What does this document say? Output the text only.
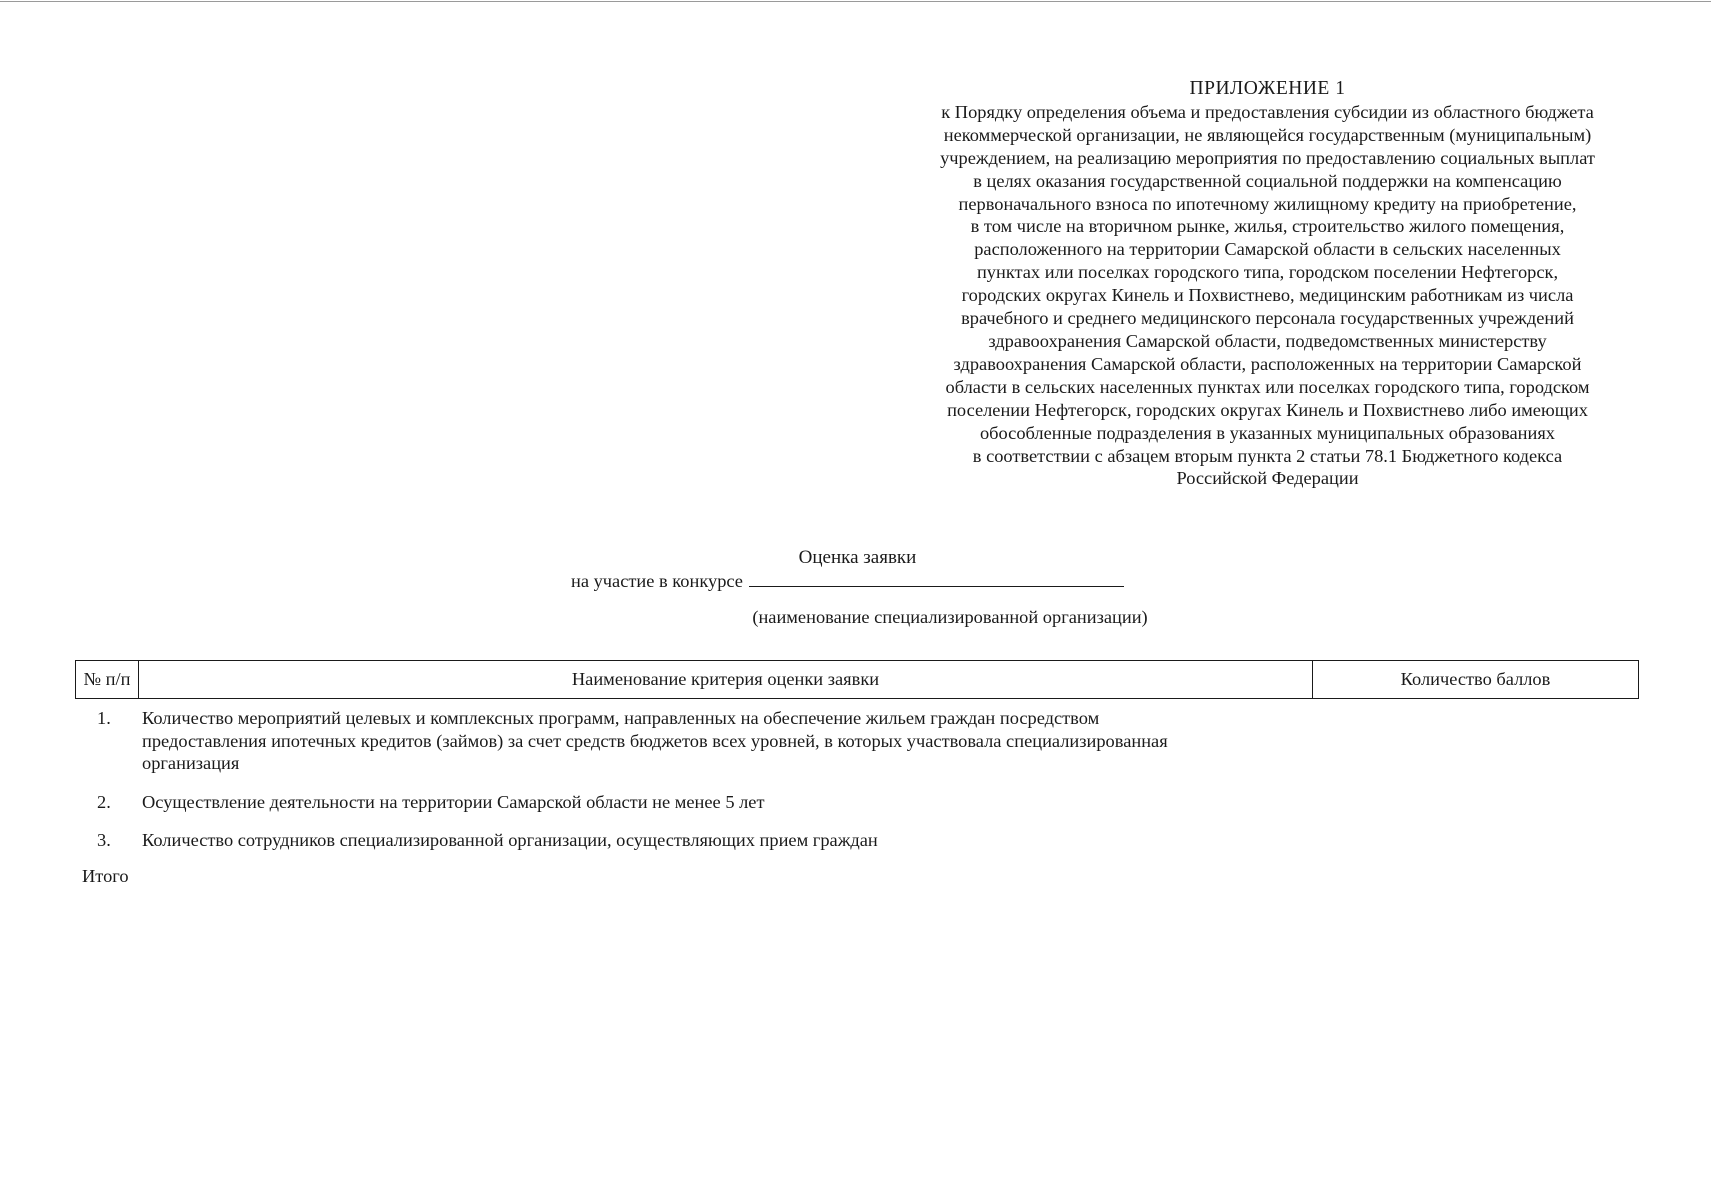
ПРИЛОЖЕНИЕ 1
к Порядку определения объема и предоставления субсидии из областного бюджета
некоммерческой организации, не являющейся государственным (муниципальным)
учреждением, на реализацию мероприятия по предоставлению социальных выплат
в целях оказания государственной социальной поддержки на компенсацию
первоначального взноса по ипотечному жилищному кредиту на приобретение,
в том числе на вторичном рынке, жилья, строительство жилого помещения,
расположенного на территории Самарской области в сельских населенных
пунктах или поселках городского типа, городском поселении Нефтегорск,
городских округах Кинель и Похвистнево, медицинским работникам из числа
врачебного и среднего медицинского персонала государственных учреждений
здравоохранения Самарской области, подведомственных министерству
здравоохранения Самарской области, расположенных на территории Самарской
области в сельских населенных пунктах или поселках городского типа, городском
поселении Нефтегорск, городских округах Кинель и Похвистнево либо имеющих
обособленные подразделения в указанных муниципальных образованиях
в соответствии с абзацем вторым пункта 2 статьи 78.1 Бюджетного кодекса
Российской Федерации
Оценка заявки
на участие в конкурсе
(наименование специализированной организации)
№ п/п	Наименование критерия оценки заявки	Количество баллов
1. Количество мероприятий целевых и комплексных программ, направленных на обеспечение жильем граждан посредством
предоставления ипотечных кредитов (займов) за счет средств бюджетов всех уровней, в которых участвовала специализированная
организация
2. Осуществление деятельности на территории Самарской области не менее 5 лет
3. Количество сотрудников специализированной организации, осуществляющих прием граждан
Итого
